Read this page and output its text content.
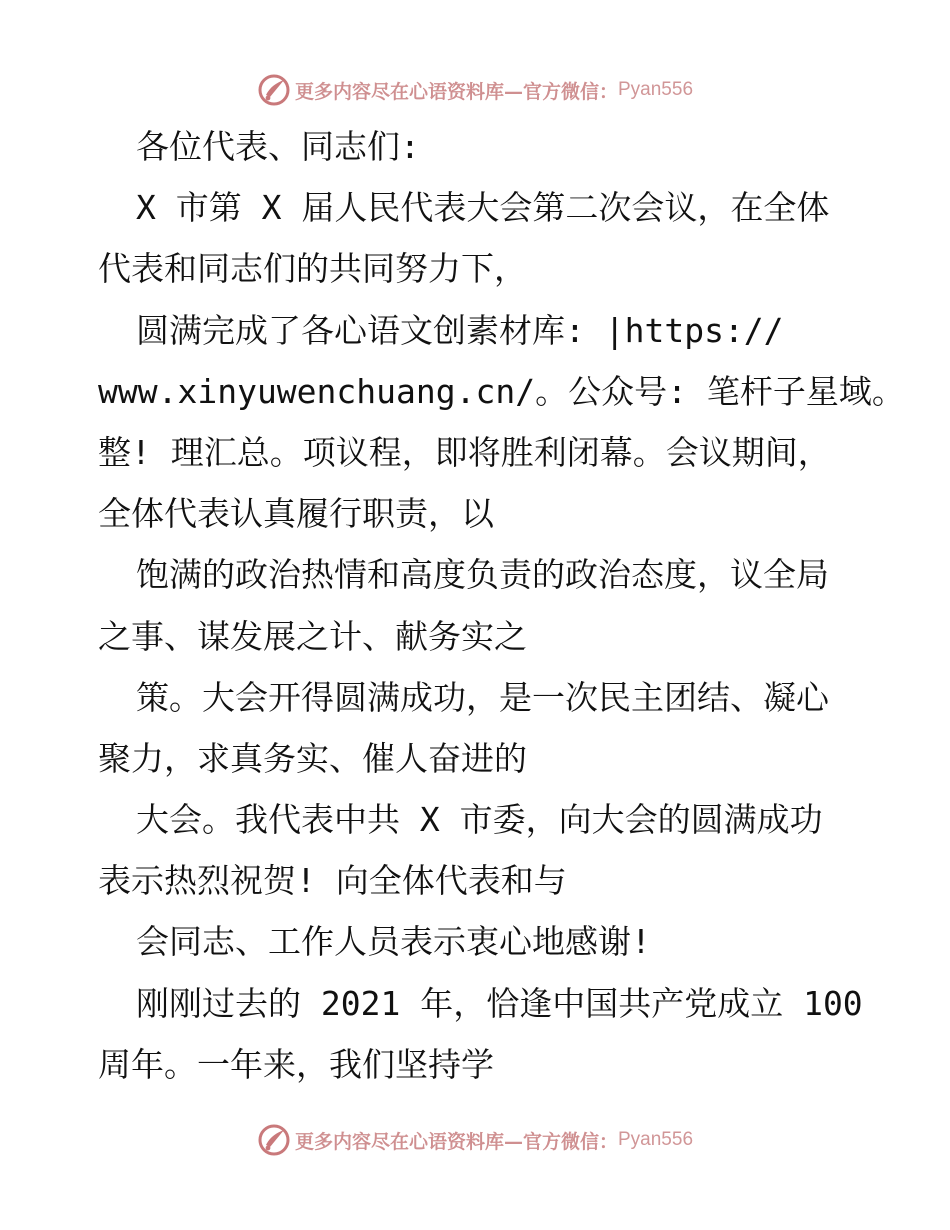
更多内容尽在心语资料库—官方微信： Pyan556
各位代表、同志们:
X 市第 X 届人民代表大会第二次会议，在全体
代表和同志们的共同努力下，
圆满完成了各心语文创素材库: |https://
www.xinyuwenchuang.cn/。公众号: 笔杆子星域。
整! 理汇总。项议程，即将胜利闭幕。会议期间，
全体代表认真履行职责，以
饱满的政治热情和高度负责的政治态度，议全局
之事、谋发展之计、献务实之
策。大会开得圆满成功，是一次民主团结、凝心
聚力，求真务实、催人奋进的
大会。我代表中共 X 市委，向大会的圆满成功
表示热烈祝贺! 向全体代表和与
会同志、工作人员表示衷心地感谢!
刚刚过去的 2021 年，恰逢中国共产党成立 100
周年。一年来，我们坚持学
更多内容尽在心语资料库—官方微信： Pyan556
